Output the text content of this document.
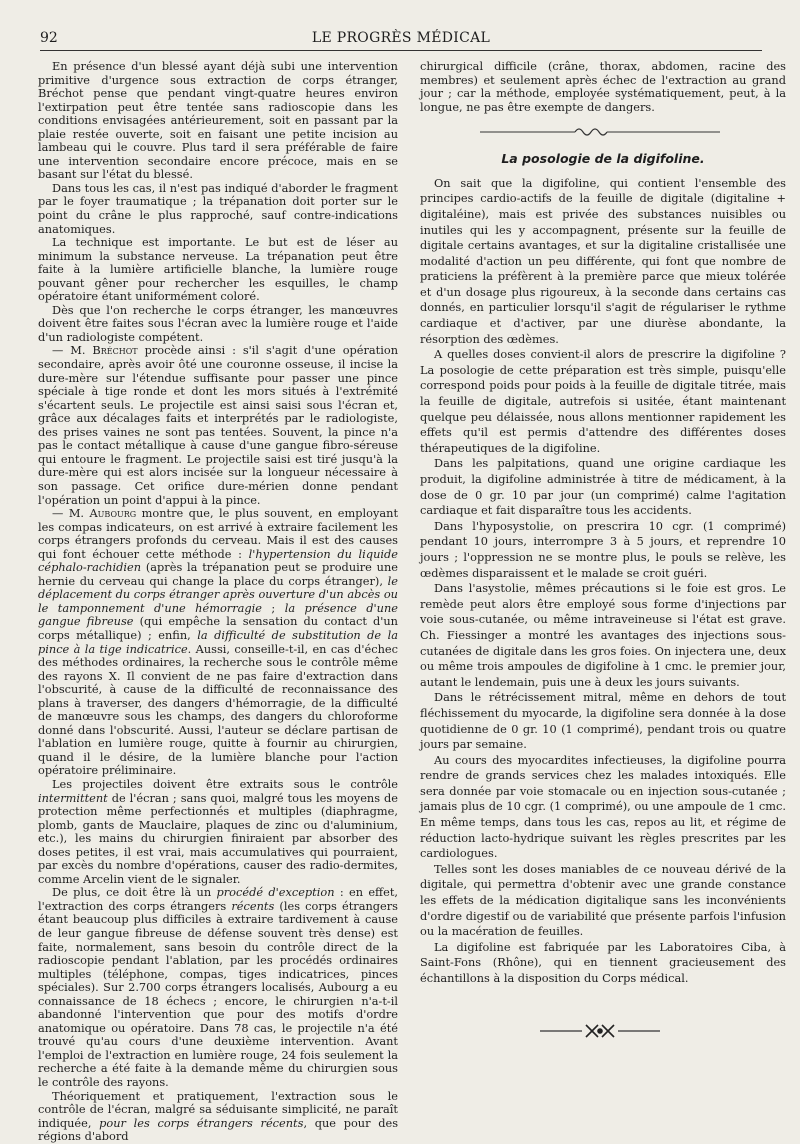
92	LE PROGRÈS MÉDICAL

En présence d'un blessé ayant déjà subi une intervention primitive d'urgence sous extraction de corps étranger, Bréchot pense que pendant vingt-quatre heures environ l'extirpation peut être tentée sans radioscopie dans les conditions envisagées antérieurement, soit en passant par la plaie restée ouverte, soit en faisant une petite incision au lambeau qui le couvre. Plus tard il sera préférable de faire une intervention secondaire encore précoce, mais en se basant sur l'état du blessé.

Dans tous les cas, il n'est pas indiqué d'aborder le fragment par le foyer traumatique ; la trépanation doit porter sur le point du crâne le plus rapproché, sauf contre-indications anatomiques.

La technique est importante. Le but est de léser au minimum la substance nerveuse. La trépanation peut être faite à la lumière artificielle blanche, la lumière rouge pouvant gêner pour rechercher les esquilles, le champ opératoire étant uniformément coloré.

Dès que l'on recherche le corps étranger, les manœuvres doivent être faites sous l'écran avec la lumière rouge et l'aide d'un radiologiste compétent.

— M. Bréchot procède ainsi : s'il s'agit d'une opération secondaire, après avoir ôté une couronne osseuse, il incise la dure-mère sur l'étendue suffisante pour passer une pince spéciale à tige ronde et dont les mors situés à l'extrémité s'écartent seuls. Le projectile est ainsi saisi sous l'écran et, grâce aux décalages faits et interprétés par le radiologiste, des prises vaines ne sont pas tentées. Souvent, la pince n'a pas le contact métallique à cause d'une gangue fibro-séreuse qui entoure le fragment. Le projectile saisi est tiré jusqu'à la dure-mère qui est alors incisée sur la longueur nécessaire à son passage. Cet orifice dure-mérien donne pendant l'opération un point d'appui à la pince.

— M. Aubourg montre que, le plus souvent, en employant les compas indicateurs, on est arrivé à extraire facilement les corps étrangers profonds du cerveau. Mais il est des causes qui font échouer cette méthode : l'hypertension du liquide céphalo-rachidien (après la trépanation peut se produire une hernie du cerveau qui change la place du corps étranger), le déplacement du corps étranger après ouverture d'un abcès ou le tamponnement d'une hémorragie ; la présence d'une gangue fibreuse (qui empêche la sensation du contact d'un corps métallique) ; enfin, la difficulté de substitution de la pince à la tige indicatrice. Aussi, conseille-t-il, en cas d'échec des méthodes ordinaires, la recherche sous le contrôle même des rayons X. Il convient de ne pas faire d'extraction dans l'obscurité, à cause de la difficulté de reconnaissance des plans à traverser, des dangers d'hémorragie, de la difficulté de manœuvre sous les champs, des dangers du chloroforme donné dans l'obscurité. Aussi, l'auteur se déclare partisan de l'ablation en lumière rouge, quitte à fournir au chirurgien, quand il le désire, de la lumière blanche pour l'action opératoire préliminaire.

Les projectiles doivent être extraits sous le contrôle intermittent de l'écran ; sans quoi, malgré tous les moyens de protection même perfectionnés et multiples (diaphragme, plomb, gants de Mauclaire, plaques de zinc ou d'aluminium, etc.), les mains du chirurgien finiraient par absorber des doses petites, il est vrai, mais accumulatives qui pourraient, par excès du nombre d'opérations, causer des radio-dermites, comme Arcelin vient de le signaler.

De plus, ce doit être là un procédé d'exception : en effet, l'extraction des corps étrangers récents (les corps étrangers étant beaucoup plus difficiles à extraire tardivement à cause de leur gangue fibreuse de défense souvent très dense) est faite, normalement, sans besoin du contrôle direct de la radioscopie pendant l'ablation, par les procédés ordinaires multiples (téléphone, compas, tiges indicatrices, pinces spéciales). Sur 2.700 corps étrangers localisés, Aubourg a eu connaissance de 18 échecs ; encore, le chirurgien n'a-t-il abandonné l'intervention que pour des motifs d'ordre anatomique ou opératoire. Dans 78 cas, le projectile n'a été trouvé qu'au cours d'une deuxième intervention. Avant l'emploi de l'extraction en lumière rouge, 24 fois seulement la recherche a été faite à la demande même du chirurgien sous le contrôle des rayons.

Théoriquement et pratiquement, l'extraction sous le contrôle de l'écran, malgré sa séduisante simplicité, ne paraît indiquée, pour les corps étrangers récents, que pour des régions d'abord

chirurgical difficile (crâne, thorax, abdomen, racine des membres) et seulement après échec de l'extraction au grand jour ; car la méthode, employée systématiquement, peut, à la longue, ne pas être exempte de dangers.

La posologie de la digifoline.

On sait que la digifoline, qui contient l'ensemble des principes cardio-actifs de la feuille de digitale (digitaline + digitaléine), mais est privée des substances nuisibles ou inutiles qui les y accompagnent, présente sur la feuille de digitale certains avantages, et sur la digitaline cristallisée une modalité d'action un peu différente, qui font que nombre de praticiens la préfèrent à la première parce que mieux tolérée et d'un dosage plus rigoureux, à la seconde dans certains cas donnés, en particulier lorsqu'il s'agit de régulariser le rythme cardiaque et d'activer, par une diurèse abondante, la résorption des œdèmes.

A quelles doses convient-il alors de prescrire la digifoline ? La posologie de cette préparation est très simple, puisqu'elle correspond poids pour poids à la feuille de digitale titrée, mais la feuille de digitale, autrefois si usitée, étant maintenant quelque peu délaissée, nous allons mentionner rapidement les effets qu'il est permis d'attendre des différentes doses thérapeutiques de la digifoline.

Dans les palpitations, quand une origine cardiaque les produit, la digifoline administrée à titre de médicament, à la dose de 0 gr. 10 par jour (un comprimé) calme l'agitation cardiaque et fait disparaître tous les accidents.

Dans l'hyposystolie, on prescrira 10 cgr. (1 comprimé) pendant 10 jours, interrompre 3 à 5 jours, et reprendre 10 jours ; l'oppression ne se montre plus, le pouls se relève, les œdèmes disparaissent et le malade se croit guéri.

Dans l'asystolie, mêmes précautions si le foie est gros. Le remède peut alors être employé sous forme d'injections par voie sous-cutanée, ou même intraveineuse si l'état est grave. Ch. Fiessinger a montré les avantages des injections sous-cutanées de digitale dans les gros foies. On injectera une, deux ou même trois ampoules de digifoline à 1 cmc. le premier jour, autant le lendemain, puis une à deux les jours suivants.

Dans le rétrécissement mitral, même en dehors de tout fléchissement du myocarde, la digifoline sera donnée à la dose quotidienne de 0 gr. 10 (1 comprimé), pendant trois ou quatre jours par semaine.

Au cours des myocardites infectieuses, la digifoline pourra rendre de grands services chez les malades intoxiqués. Elle sera donnée par voie stomacale ou en injection sous-cutanée ; jamais plus de 10 cgr. (1 comprimé), ou une ampoule de 1 cmc. En même temps, dans tous les cas, repos au lit, et régime de réduction lacto-hydrique suivant les règles prescrites par les cardiologues.

Telles sont les doses maniables de ce nouveau dérivé de la digitale, qui permettra d'obtenir avec une grande constance les effets de la médication digitalique sans les inconvénients d'ordre digestif ou de variabilité que présente parfois l'infusion ou la macération de feuilles.

La digifoline est fabriquée par les Laboratoires Ciba, à Saint-Fons (Rhône), qui en tiennent gracieusement des échantillons à la disposition du Corps médical.
